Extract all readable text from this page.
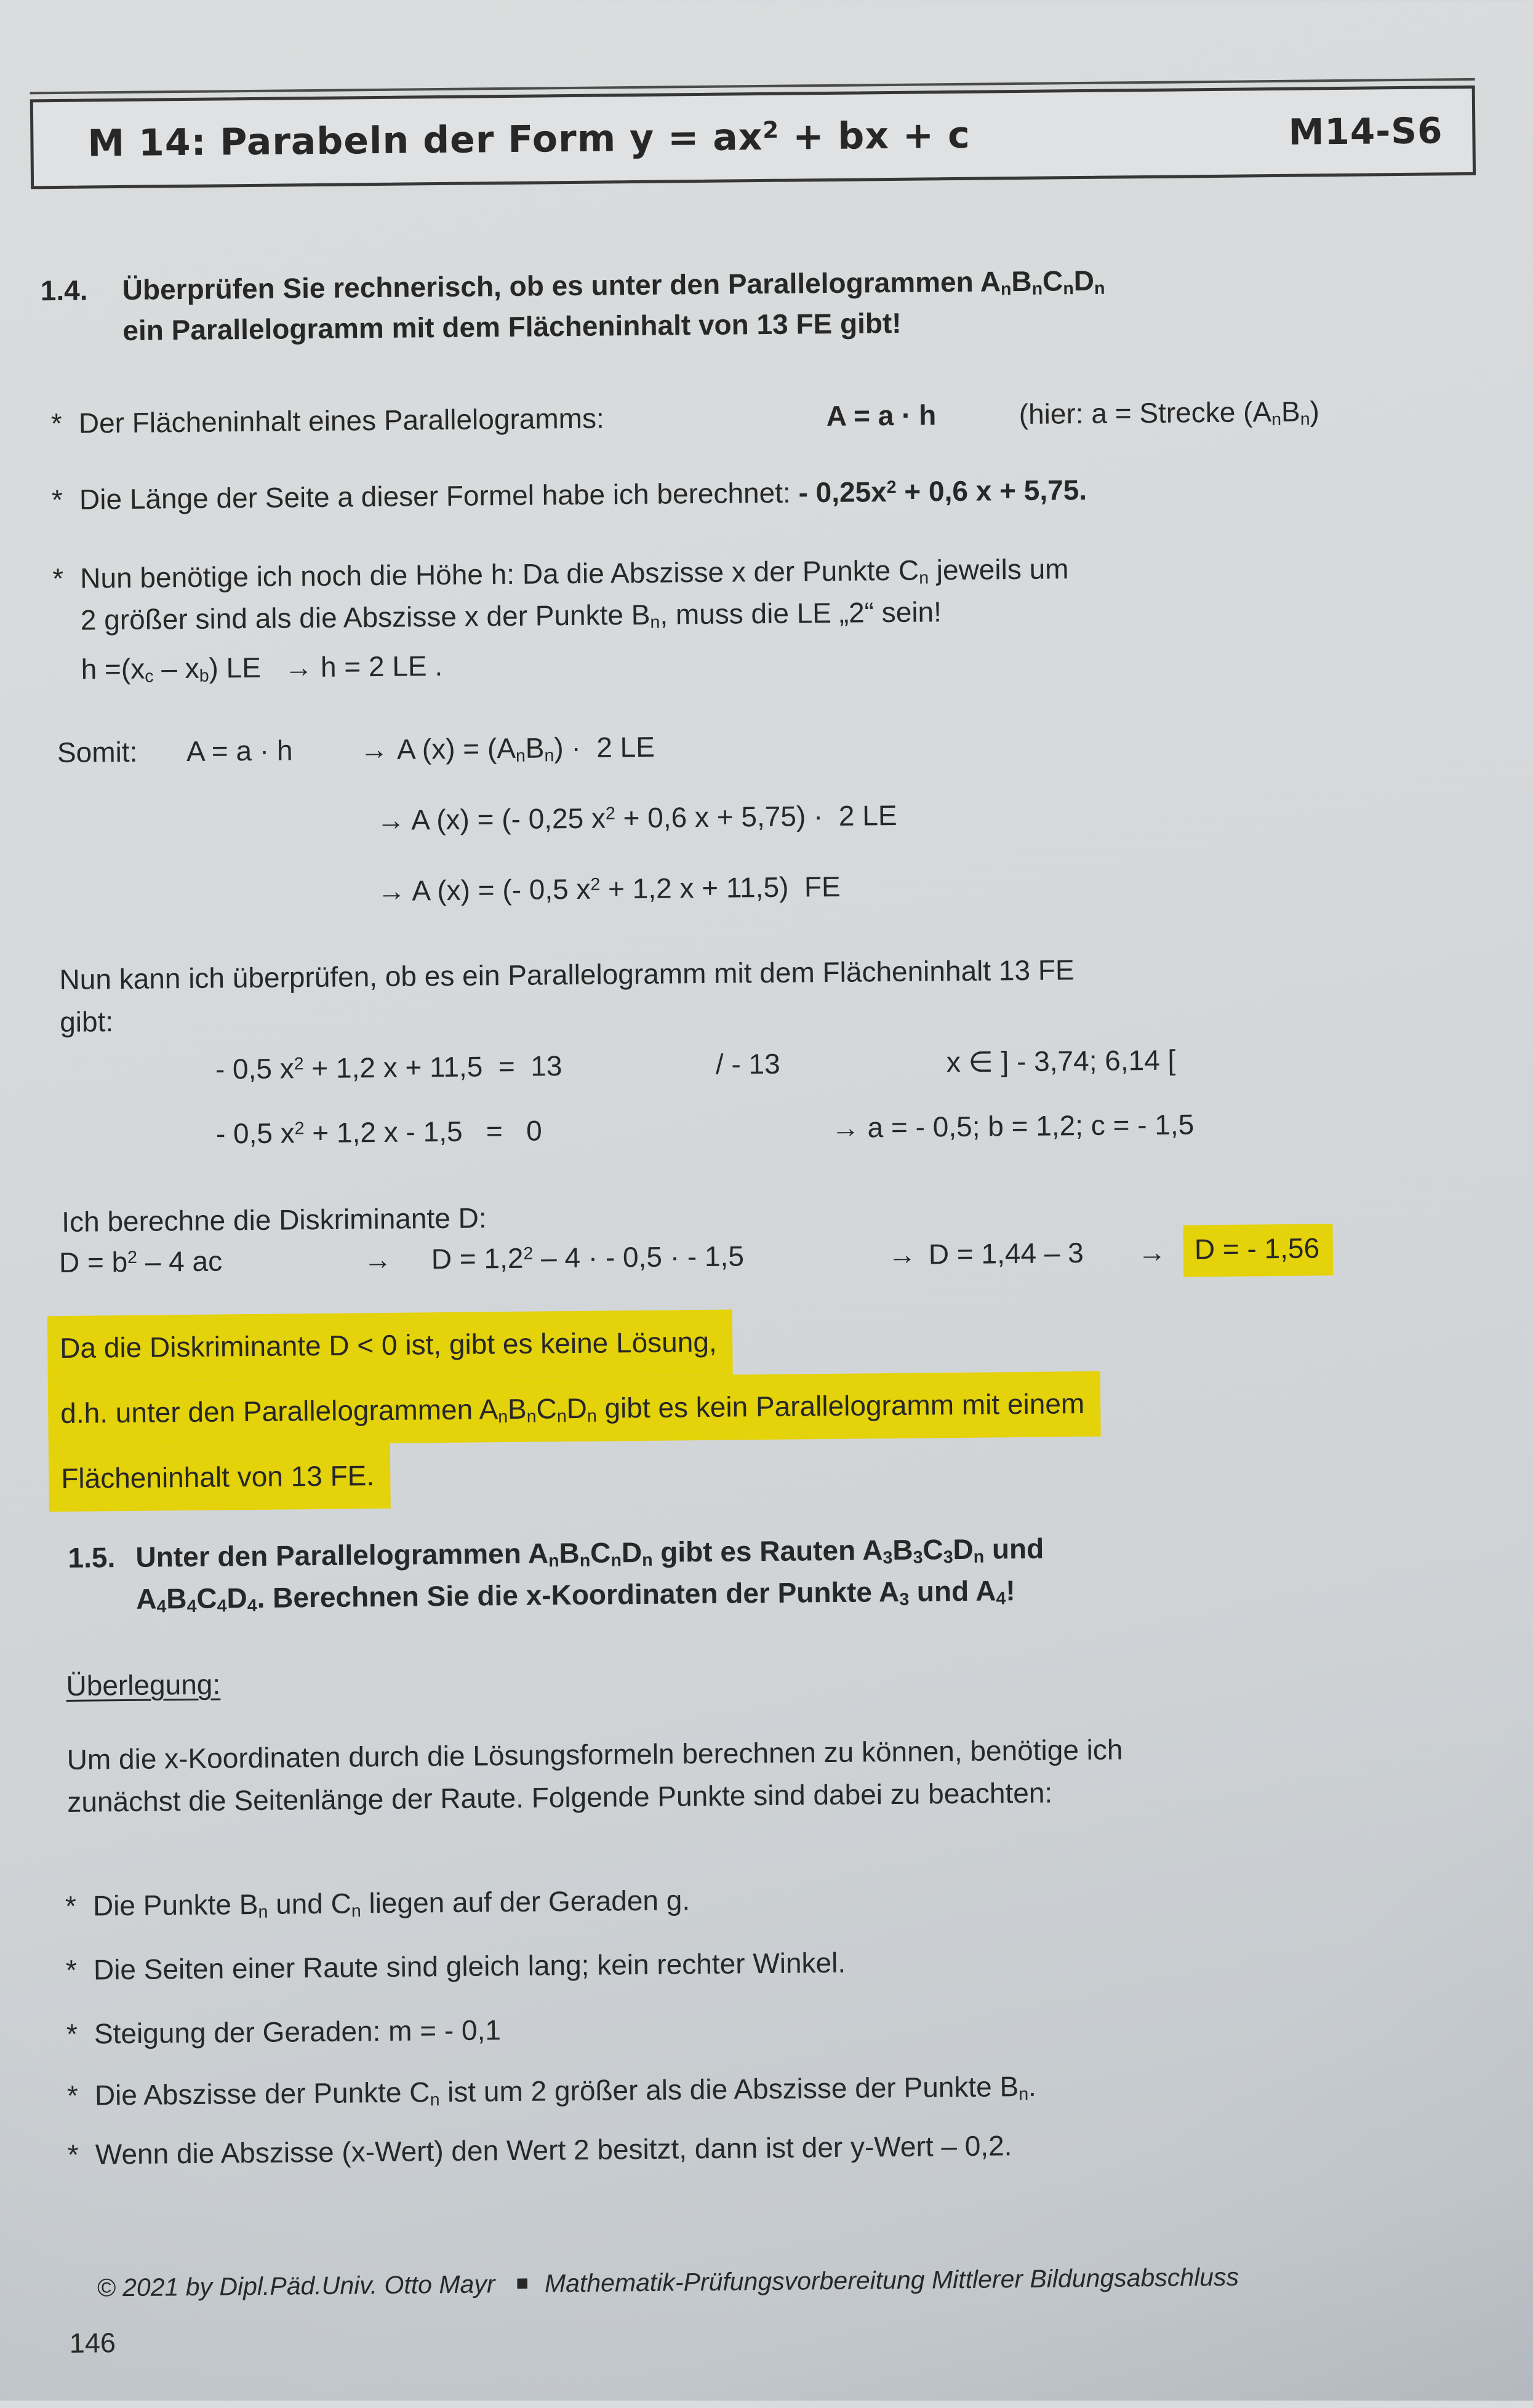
M 14: Parabeln der Form $y = ax^2$ + bx + c	M14-S6
1.4. Überprüfen Sie rechnerisch, ob es unter den Parallelogrammen $A_nB_nC_nD_n$
ein Parallelogramm mit dem Flächeninhalt von 13 FE gibt!
* Der Flächeninhalt eines Parallelogramms:	A = a · h	(hier: a = Strecke $(A_nB_n)$
* Die Länge der Seite a dieser Formel habe ich berechnet: - $0,25x^2 + 0,6$ x + 5,75.
* Nun benötige ich noch die Höhe h: Da die Abszisse x der Punkte $C_n$ jeweils um
2 größer sind als die Abszisse x der Punkte $B_n$, muss die LE „2“ sein!
$h =(x_c - x_b)$ LE   → h = 2 LE .
Somit: A = a · h → A $(x) = (A_nB_n) \cdot 2$ LE
→ A (x) = (- 0,25 $x^2 + 0,6$ x + 5,75) ·  2 LE
→ A (x) = (- 0,5 $x^2 + 1,2$ x + 11,5)  FE
Nun kann ich überprüfen, ob es ein Parallelogramm mit dem Flächeninhalt 13 FE
gibt:
- 0,5 $x^2 + 1,2$ x + 11,5  =  13	/ - 13	x ∈ ] - 3,74; 6,14 [
- 0,5 $x^2 + 1,2$ x - 1,5   =   0	→ a = - 0,5; b = 1,2; c = - 1,5
Ich berechne die Diskriminante D:
$D = b^2 - 4$ ac	→ $D = 1,2^2 - 4$ · - 0,5 · - 1,5	→ D = 1,44 – 3 → D = - 1,56
Da die Diskriminante D < 0 ist, gibt es keine Lösung,
d.h. unter den Parallelogrammen $A_nB_nC_nD_n$ gibt es kein Parallelogramm mit einem
Flächeninhalt von 13 FE.
1.5. Unter den Parallelogrammen $A_nB_nC_nD_n$ gibt es Rauten $A_3B_3C_3D_n$ und
$A_4B_4C_4D_4$. Berechnen Sie die x-Koordinaten der Punkte $A_3$ und $A_4$!
Überlegung:
Um die x-Koordinaten durch die Lösungsformeln berechnen zu können, benötige ich
zunächst die Seitenlänge der Raute. Folgende Punkte sind dabei zu beachten:
* Die Punkte $B_n$ und $C_n$ liegen auf der Geraden g.
* Die Seiten einer Raute sind gleich lang; kein rechter Winkel.
* Steigung der Geraden: m = - 0,1
* Die Abszisse der Punkte $C_n$ ist um 2 größer als die Abszisse der Punkte $B_n$.
* Wenn die Abszisse (x-Wert) den Wert 2 besitzt, dann ist der y-Wert – 0,2.

© 2021 by Dipl.Päd.Univ. Otto Mayr ■ Mathematik-Prüfungsvorbereitung Mittlerer Bildungsabschluss

146
